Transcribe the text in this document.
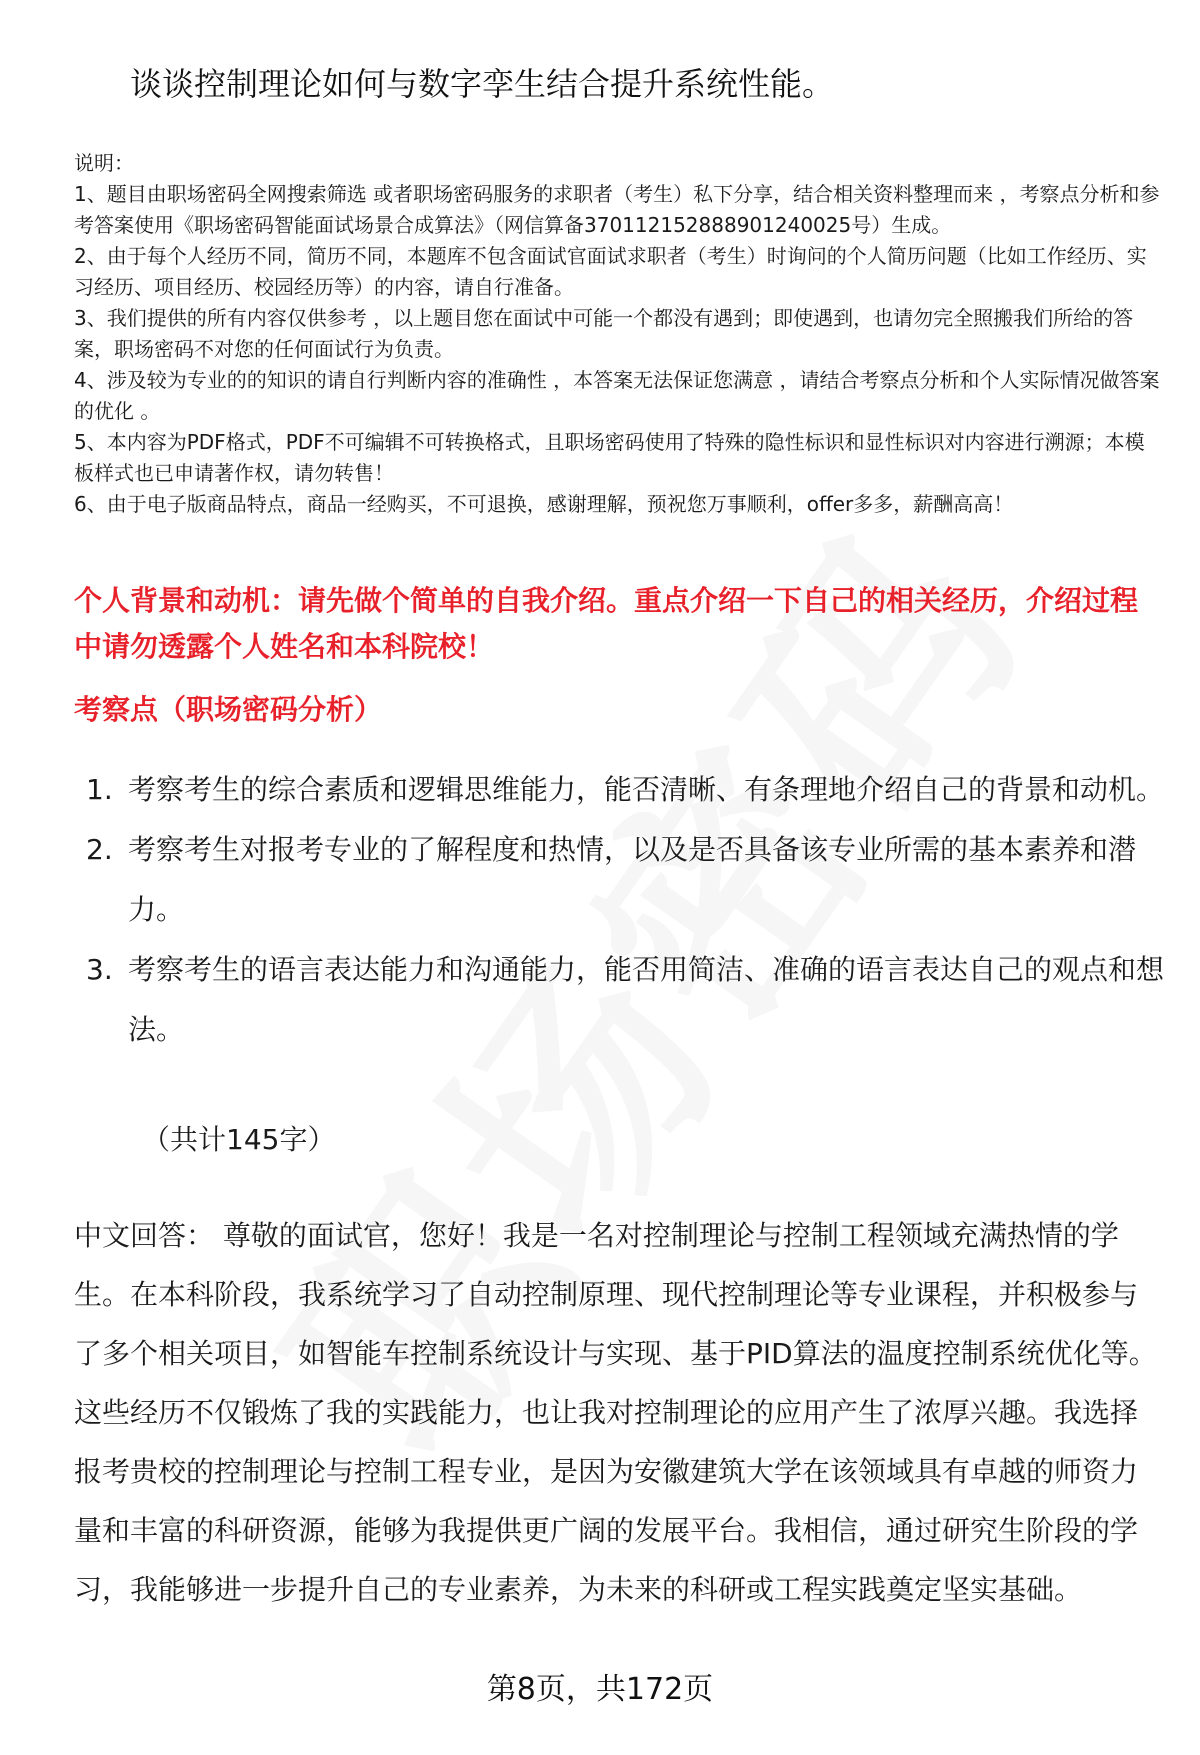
谈谈控制理论如何与数字孪生结合提升系统性能。

说明：

1、题目由职场密码全网搜索筛选 或者职场密码服务的求职者（考生）私下分享，结合相关资料整理而来 ，考察点分析和参考答案使用《职场密码智能面试场景合成算法》（网信算备370112152888901240025号）生成。

2、由于每个人经历不同，简历不同，本题库不包含面试官面试求职者（考生）时询问的个人简历问题（比如工作经历、实习经历、项目经历、校园经历等）的内容，请自行准备。

3、我们提供的所有内容仅供参考 ，以上题目您在面试中可能一个都没有遇到；即使遇到，也请勿完全照搬我们所给的答案，职场密码不对您的任何面试行为负责。

4、涉及较为专业的的知识的请自行判断内容的准确性 ，本答案无法保证您满意 ，请结合考察点分析和个人实际情况做答案的优化 。

5、本内容为PDF格式，PDF不可编辑不可转换格式，且职场密码使用了特殊的隐性标识和显性标识对内容进行溯源；本模板样式也已申请著作权，请勿转售！

6、由于电子版商品特点，商品一经购买，不可退换，感谢理解，预祝您万事顺利，offer多多，薪酬高高！

个人背景和动机：请先做个简单的自我介绍。重点介绍一下自己的相关经历，介绍过程中请勿透露个人姓名和本科院校！
考察点（职场密码分析）
1. 考察考生的综合素质和逻辑思维能力，能否清晰、有条理地介绍自己的背景和动机。
2. 考察考生对报考专业的了解程度和热情，以及是否具备该专业所需的基本素养和潜力。
3. 考察考生的语言表达能力和沟通能力，能否用简洁、准确的语言表达自己的观点和想法。
（共计145字）

中文回答： 尊敬的面试官，您好！我是一名对控制理论与控制工程领域充满热情的学生。在本科阶段，我系统学习了自动控制原理、现代控制理论等专业课程，并积极参与了多个相关项目，如智能车控制系统设计与实现、基于PID算法的温度控制系统优化等。这些经历不仅锻炼了我的实践能力，也让我对控制理论的应用产生了浓厚兴趣。我选择报考贵校的控制理论与控制工程专业，是因为安徽建筑大学在该领域具有卓越的师资力量和丰富的科研资源，能够为我提供更广阔的发展平台。我相信，通过研究生阶段的学习，我能够进一步提升自己的专业素养，为未来的科研或工程实践奠定坚实基础。

第8页，共172页
